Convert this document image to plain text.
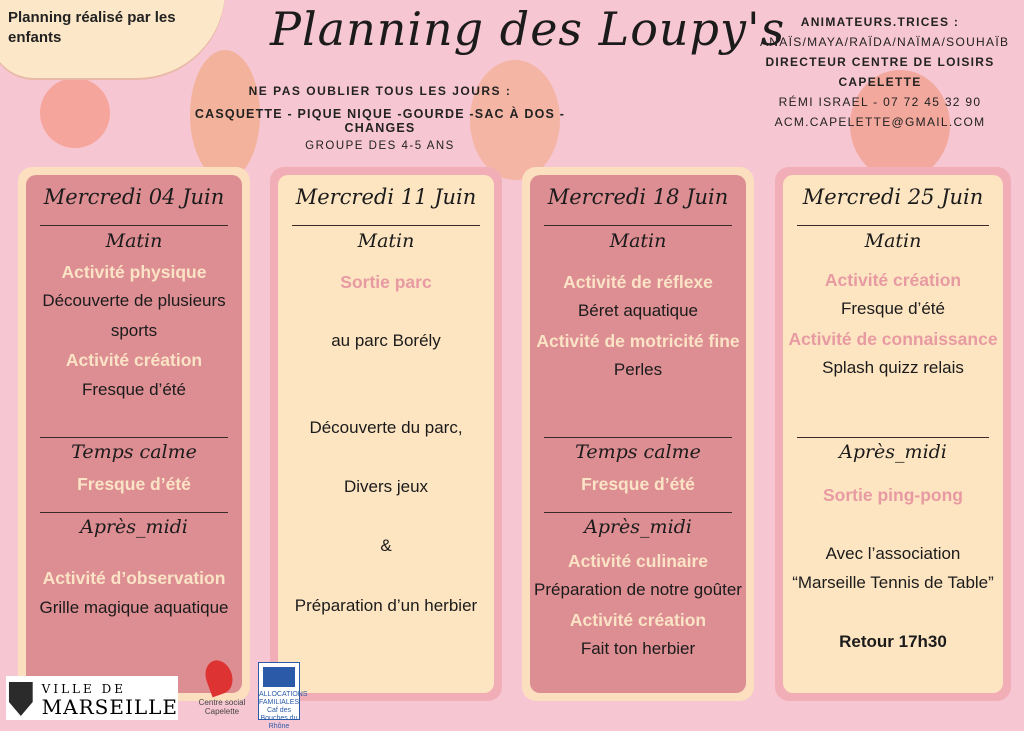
Planning réalisé par les enfants	Planning des Loupy's
NE PAS OUBLIER TOUS LES JOURS :
CASQUETTE - PIQUE NIQUE -GOURDE -SAC À DOS - CHANGES
GROUPE DES 4-5 ANS
ANIMATEURS.TRICES :
ANAÏS/MAYA/RAÏDA/NAÏMA/SOUHAÏB
DIRECTEUR CENTRE DE LOISIRS CAPELETTE
RÉMI ISRAEL - 07 72 45 32 90
ACM.CAPELETTE@GMAIL.COM
Mercredi 04 Juin
Matin
Activité physique
Découverte de plusieurs sports
Activité création
Fresque d’été
Temps calme
Fresque d’été
Après_midi
Activité d’observation
Grille magique aquatique
Mercredi 11 Juin
Matin
Sortie parc
au parc Borély
Découverte du parc,
Divers jeux
&
Préparation d’un herbier
Mercredi 18 Juin
Matin
Activité de réflexe
Béret aquatique
Activité de motricité fine
Perles
Temps calme
Fresque d’été
Après_midi
Activité culinaire
Préparation de notre goûter
Activité création
Fait ton herbier
Mercredi 25 Juin
Matin
Activité création
Fresque d’été
Activité de connaissance
Splash quizz relais
Après_midi
Sortie ping-pong
Avec l’association
“Marseille Tennis de Table”
Retour 17h30
VILLE DE
MARSEILLE	Centre social Capelette
ALLOCATIONS FAMILIALES Caf des Bouches du Rhône
